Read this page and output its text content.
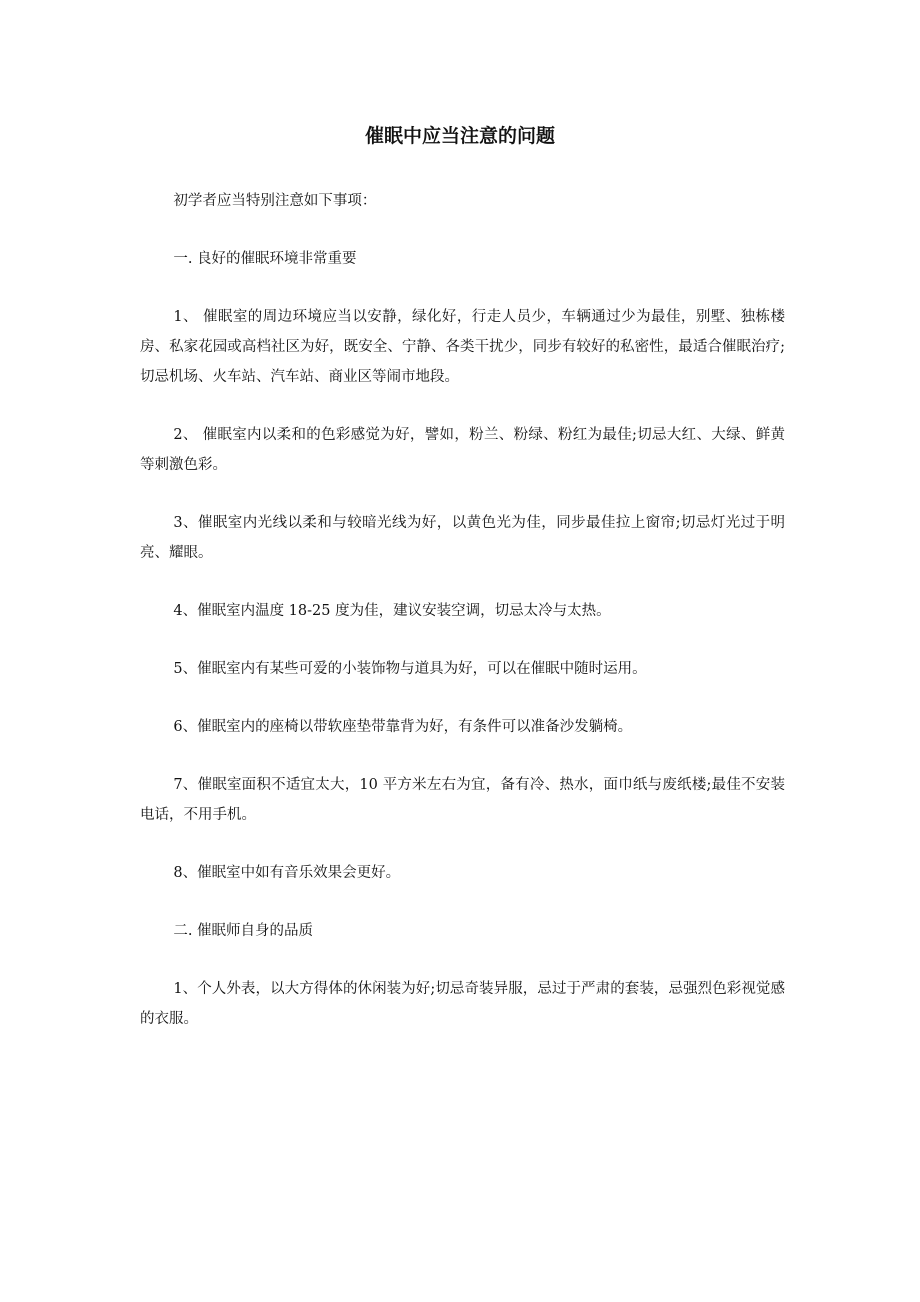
催眠中应当注意的问题

初学者应当特别注意如下事项：

一. 良好的催眠环境非常重要

1、 催眠室的周边环境应当以安静，绿化好，行走人员少，车辆通过少为最佳，别墅、独栋楼房、私家花园或高档社区为好，既安全、宁静、各类干扰少，同步有较好的私密性，最适合催眠治疗;切忌机场、火车站、汽车站、商业区等闹市地段。

2、 催眠室内以柔和的色彩感觉为好，譬如，粉兰、粉绿、粉红为最佳;切忌大红、大绿、鲜黄等刺激色彩。

3、催眠室内光线以柔和与较暗光线为好，以黄色光为佳，同步最佳拉上窗帘;切忌灯光过于明亮、耀眼。

4、催眠室内温度 18-25 度为佳，建议安装空调，切忌太冷与太热。

5、催眠室内有某些可爱的小装饰物与道具为好，可以在催眠中随时运用。

6、催眠室内的座椅以带软座垫带靠背为好，有条件可以准备沙发躺椅。

7、催眠室面积不适宜太大，10 平方米左右为宜，备有冷、热水，面巾纸与废纸楼;最佳不安装电话，不用手机。

8、催眠室中如有音乐效果会更好。

二. 催眠师自身的品质

1、个人外表，以大方得体的休闲装为好;切忌奇装异服，忌过于严肃的套装，忌强烈色彩视觉感的衣服。
